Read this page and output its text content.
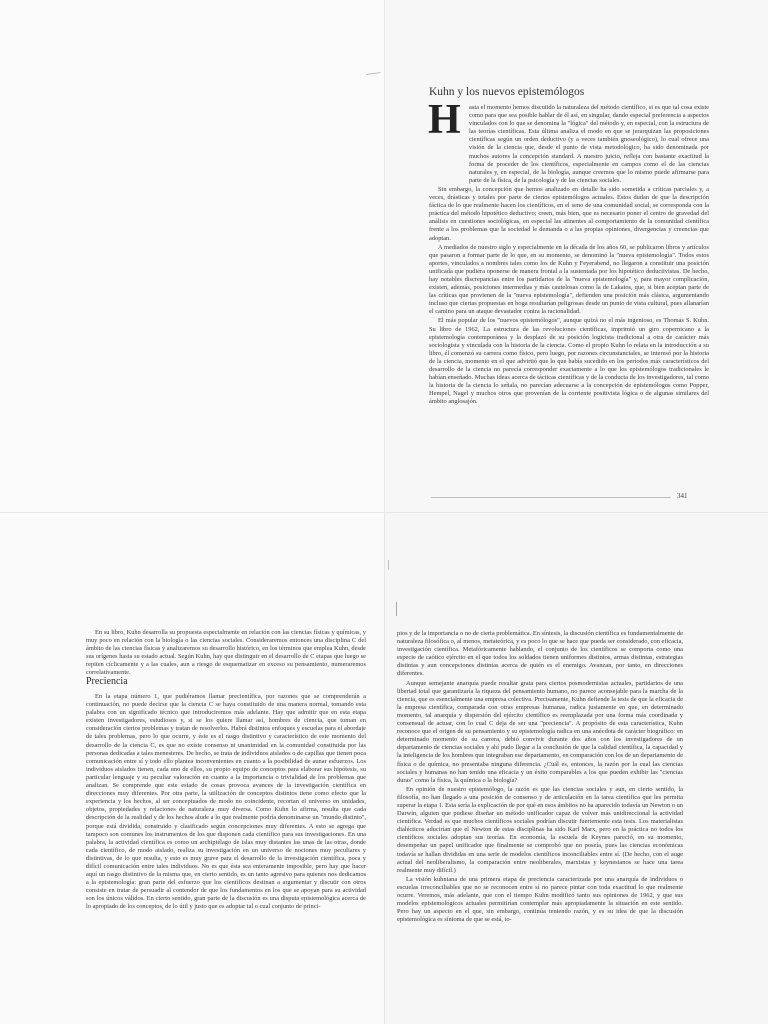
Kuhn y los nuevos epistemólogos
H	asta el momento hemos discutido la naturaleza del método científico, si es que tal cosa existe como para que sea posible hablar de él así, en singular, dando especial preferencia a aspectos vinculados con lo que se denomina la "lógica" del método y, en especial, con la estructura de las teorías científicas. Esta última analiza el modo en que se jerarquizan las proposiciones científicas según un orden deductivo (y a veces también gnoseológico), lo cual ofrece una visión de la ciencia que, desde el punto de vista metodológico, ha sido denominada por muchos autores la concepción standard. A nuestro juicio, refleja con bastante exactitud la forma de proceder de los científicos, especialmente en campos como el de las ciencias naturales y, en especial, de la biología, aunque creemos que lo mismo puede afirmarse para parte de la física, de la psicología y de las ciencias sociales.

Sin embargo, la concepción que hemos analizado en detalle ha sido sometida a críticas parciales y, a veces, drásticas y totales por parte de ciertos epistemólogos actuales. Estos dudan de que la descripción fáctica de lo que realmente hacen los científicos, en el seno de una comunidad social, se corresponda con la práctica del método hipotético deductivo; creen, más bien, que es necesario poner el centro de gravedad del análisis en cuestiones sociológicas, en especial las atinentes al comportamiento de la comunidad científica frente a los problemas que la sociedad le demanda o a las propias opiniones, divergencias y creencias que adoptan.

A mediados de nuestro siglo y especialmente en la década de los años 60, se publicaron libros y artículos que pasaron a formar parte de lo que, en su momento, se denominó la "nueva epistemología". Todos estos aportes, vinculados a nombres tales como los de Kuhn y Feyerabend, no llegaron a constituir una posición unificada que pudiera oponerse de manera frontal a la sustentada por los hipotético deductivistas. De hecho, hay notables discrepancias entre los partidarios de la "nueva epistemología" y, para mayor complicación, existen, además, posiciones intermedias y más cautelosas como la de Lakatos, que, si bien aceptan parte de las críticas que provienen de la "nueva epistemología", defienden una posición más clásica, argumentando incluso que ciertas propuestas en boga resultarían peligrosas desde un punto de vista cultural, pues allanarían el camino para un ataque devastador contra la racionalidad.

El más popular de los "nuevos epistemólogos", aunque quizá no el más ingenioso, es Thomas S. Kuhn. Su libro de 1962, La estructura de las revoluciones científicas, imprimió un giro copernicano a la epistemología contemporánea y la desplazó de su posición logicista tradicional a otra de carácter más sociologista y vinculada con la historia de la ciencia. Como el propio Kuhn lo relata en la introducción a su libro, él comenzó su carrera como físico, pero luego, por razones circunstanciales, se interesó por la historia de la ciencia, momento en el que advirtió que lo que había sucedido en los períodos más característicos del desarrollo de la ciencia no parecía corresponder exactamente a lo que los epistemólogos tradicionales le habían enseñado. Muchas ideas acerca de tácticas científicas y de la conducta de los investigadores, tal como la historia de la ciencia lo señala, no parecían adecuarse a la concepción de epistemólogos como Popper, Hempel, Nagel y muchos otros que provenían de la corriente positivista lógica o de algunas similares del ámbito anglosajón.

341

En su libro, Kuhn desarrolla su propuesta especialmente en relación con las ciencias físicas y químicas, y muy poco en relación con la biología o las ciencias sociales. Consideraremos entonces una disciplina C del ámbito de las ciencias físicas y analizaremos su desarrollo histórico, en los términos que emplea Kuhn, desde sus orígenes hasta su estado actual. Según Kuhn, hay que distinguir en el desarrollo de C etapas que luego se repiten cíclicamente y a las cuales, aun a riesgo de esquematizar en exceso su pensamiento, numeraremos correlativamente.

Preciencia

En la etapa número 1, que pudiéramos llamar precientífica, por razones que se comprenderán a continuación, no puede decirse que la ciencia C se haya constituido de una manera normal, tomando esta palabra con un significado técnico que introduciremos más adelante. Hay que admitir que en esta etapa existen investigadores, estudiosos y, si se los quiere llamar así, hombres de ciencia, que toman en consideración ciertos problemas y tratan de resolverlos. Habrá distintos enfoques y escuelas para el abordaje de tales problemas, pero lo que ocurre, y éste es el rasgo distintivo y característico de este momento del desarrollo de la ciencia C, es que no existe consenso ni unanimidad en la comunidad constituida por las personas dedicadas a tales menesteres. De hecho, se trata de individuos aislados o de capillas que tienen poca comunicación entre sí y todo ello plantea inconvenientes en cuanto a la posibilidad de aunar esfuerzos. Los individuos aislados tienen, cada uno de ellos, su propio equipo de conceptos para elaborar sus hipótesis, su particular lenguaje y su peculiar valoración en cuanto a la importancia o trivialidad de los problemas que analizan. Se comprende que este estado de cosas provoca avances de la investigación científica en direcciones muy diferentes. Por otra parte, la utilización de conceptos distintos tiene como efecto que la experiencia y los hechos, al ser conceptuados de modo no coincidente, recortan el universo en unidades, objetos, propiedades y relaciones de naturaleza muy diversa. Como Kuhn lo afirma, resulta que cada descripción de la realidad y de los hechos alude a lo que realmente podría denominarse un "mundo distinto", porque está dividida, construido y clasificado según concepciones muy diferentes. A esto se agrega que tampoco son comunes los instrumentos de los que disponen cada científico para sus investigaciones. En una palabra, la actividad científica es como un archipiélago de islas muy distantes las unas de las otras, donde cada científico, de modo aislado, realiza su investigación en un universo de nociones muy peculiares y distintivas, de lo que resulta, y esto es muy grave para el desarrollo de la investigación científica, poca y difícil comunicación entre tales individuos. No es que ésta sea enteramente imposible, pero hay que hacer aquí un rasgo distintivo de la misma que, en cierto sentido, es un tanto agresivo para quienes nos dedicamos a la epistemología: gran parte del esfuerzo que los científicos destinan a argumentar y discutir con otros consiste en tratar de persuadir al contendor de que los fundamentos en los que se apoyan para su actividad son los únicos válidos. En cierto sentido, gran parte de la discusión es una disputa epistemológica acerca de lo apropiado de los conceptos, de lo útil y justo que es adoptar tal o cual conjunto de princi-

pios y de la importancia o no de cierta problemática. En síntesis, la discusión científica es fundamentalmente de naturaleza filosófica o, al menos, metateórica, y es poco lo que se hace que pueda ser considerado, con eficacia, investigación científica. Metafóricamente hablando, el conjunto de los científicos se comporta como una especie de caótico ejército en el que todos los soldados tienen uniformes distintos, armas distintas, estrategias distintas y aun concepciones distintas acerca de quién es el enemigo. Avanzan, por tanto, en direcciones diferentes.

Aunque semejante anarquía puede resultar grata para ciertos posmodernistas actuales, partidarios de una libertad total que garantizaría la riqueza del pensamiento humano, no parece aconsejable para la marcha de la ciencia, que es esencialmente una empresa colectiva. Precisamente, Kuhn defiende la tesis de que la eficacia de la empresa científica, comparada con otras empresas humanas, radica justamente en que, en determinado momento, tal anarquía y dispersión del ejército científico es reemplazada por una forma más coordinada y consensual de actuar, con lo cual C deja de ser una "preciencia". A propósito de esta característica, Kuhn reconoce que el origen de su pensamiento y su epistemología radica en una anécdota de carácter biográfico: en determinado momento de su carrera, debió convivir durante dos años con los investigadores de un departamento de ciencias sociales y ahí pudo llegar a la conclusión de que la calidad científica, la capacidad y la inteligencia de los hombres que integraban ese departamento, en comparación con los de un departamento de física o de química, no presentaba ninguna diferencia. ¿Cuál es, entonces, la razón por la cual las ciencias sociales y humanas no han tenido una eficacia y un éxito comparables a los que pueden exhibir las "ciencias duras" como la física, la química o la biología?

En opinión de nuestro epistemólogo, la razón es que las ciencias sociales y aun, en cierto sentido, la filosofía, no han llegado a una posición de consenso y de articulación en la tarea científica que les permita superar la etapa 1. Esta sería la explicación de por qué en esos ámbitos no ha aparecido todavía un Newton o un Darwin, alguien que pudiese diseñar un método unificador capaz de volver más unidireccional la actividad científica. Verdad es que muchos científicos sociales podrían discutir fuertemente esta tesis. Los materialistas dialécticos aducirían que el Newton de estas disciplinas ha sido Karl Marx, pero en la práctica no todos los científicos sociales adoptan sus teorías. En economía, la escuela de Keynes pareció, en su momento, desempeñar un papel unificador que finalmente se comprobó que no poseía, pues las ciencias económicas todavía se hallan divididas en una serie de modelos científicos inconciliables entre sí. (De hecho, con el auge actual del neoliberalismo, la comparación entre neoliberales, marxistas y keynesianos se hace una tarea realmente muy difícil.)

La visión kuhniana de una primera etapa de preciencia caracterizada por una anarquía de individuos o escuelas irreconciliables que no se reconocen entre sí no parece pintar con toda exactitud lo que realmente ocurre. Veremos, más adelante, que con el tiempo Kuhn modificó tanto sus opiniones de 1962, y que sus modelos epistemológicos actuales permitirían contemplar más apropiadamente la situación en este sentido. Pero hay un aspecto en el que, sin embargo, continúa teniendo razón, y es su idea de que la discusión epistemológica es síntoma de que se está, to-
